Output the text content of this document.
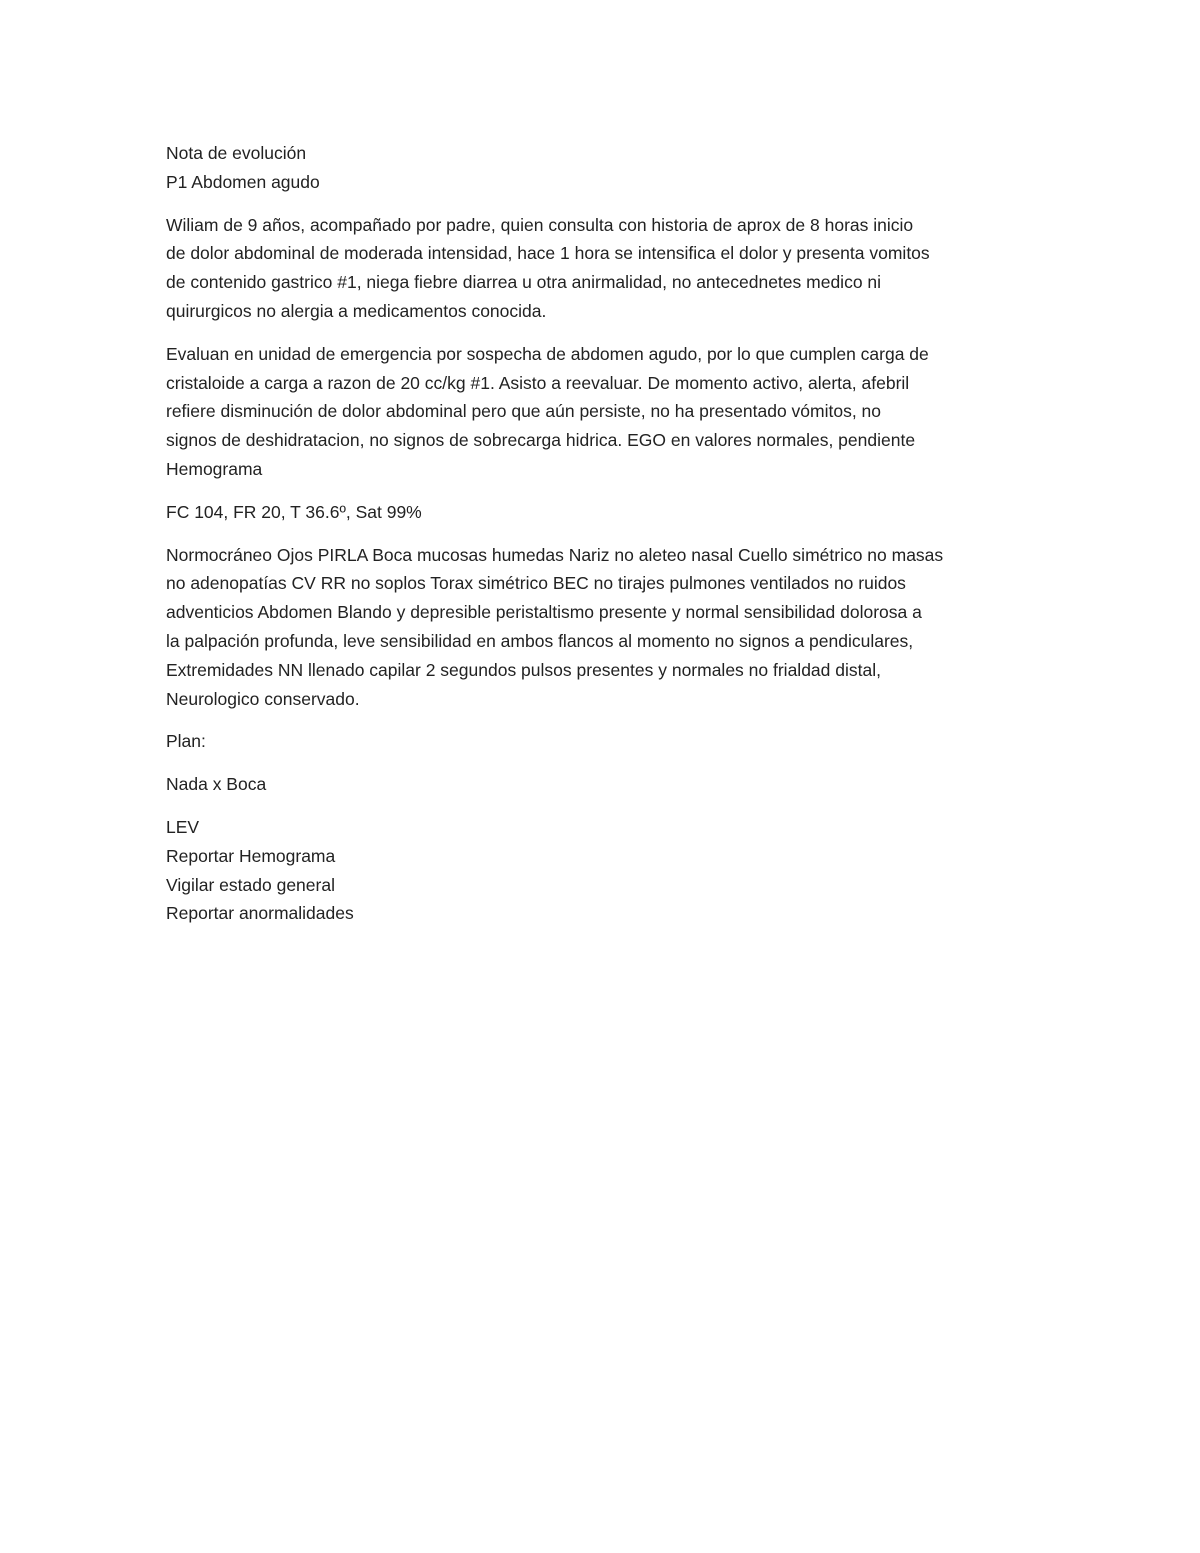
Nota de evolución
P1 Abdomen agudo
Wiliam de 9 años, acompañado por padre, quien consulta con historia de aprox de 8 horas inicio
de dolor abdominal de moderada intensidad, hace 1 hora se intensifica el dolor y presenta vomitos
de contenido gastrico #1, niega fiebre diarrea u otra anirmalidad, no antecednetes medico ni
quirurgicos no alergia a medicamentos conocida.
Evaluan en unidad de emergencia por sospecha de abdomen agudo, por lo que cumplen carga de
cristaloide a carga a razon de 20 cc/kg #1. Asisto a reevaluar. De momento activo, alerta, afebril
refiere disminución de dolor abdominal pero que aún persiste, no ha presentado vómitos, no
signos de deshidratacion, no signos de sobrecarga hidrica. EGO en valores normales, pendiente
Hemograma
FC 104, FR 20, T 36.6º, Sat 99%
Normocráneo Ojos PIRLA Boca mucosas humedas Nariz no aleteo nasal Cuello simétrico no masas
no adenopatías CV RR no soplos Torax simétrico BEC no tirajes pulmones ventilados no ruidos
adventicios Abdomen Blando y depresible peristaltismo presente y normal sensibilidad dolorosa a
la palpación profunda, leve sensibilidad en ambos flancos al momento no signos a pendiculares,
Extremidades NN llenado capilar 2 segundos pulsos presentes y normales no frialdad distal,
Neurologico conservado.
Plan:
Nada x Boca
LEV
Reportar Hemograma
Vigilar estado general
Reportar anormalidades
